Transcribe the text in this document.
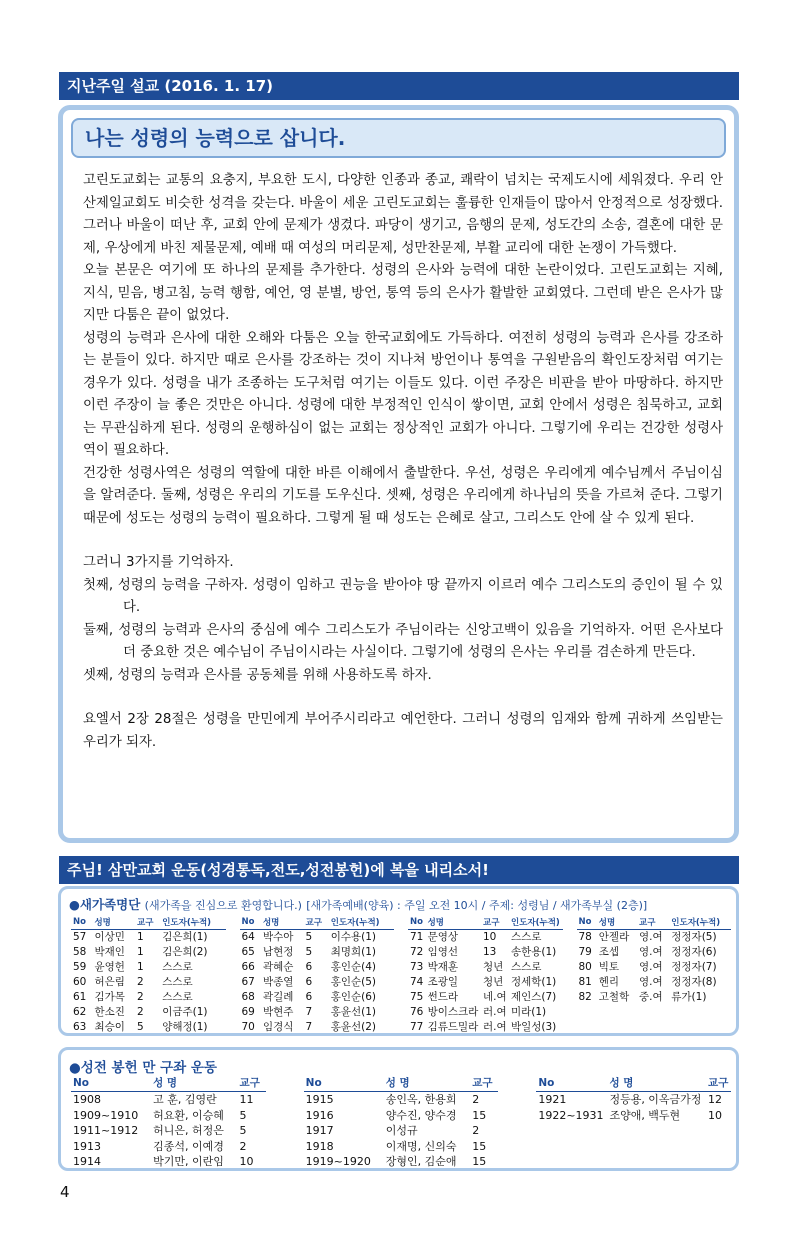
지난주일 설교 (2016. 1. 17)
나는 성령의 능력으로 삽니다.

고린도교회는 교통의 요충지, 부요한 도시, 다양한 인종과 종교, 쾌락이 넘치는 국제도시에 세워졌다. 우리 안산제일교회도 비슷한 성격을 갖는다. 바울이 세운 고린도교회는 훌륭한 인재들이 많아서 안정적으로 성장했다. 그러나 바울이 떠난 후, 교회 안에 문제가 생겼다. 파당이 생기고, 음행의 문제, 성도간의 소송, 결혼에 대한 문제, 우상에게 바친 제물문제, 예배 때 여성의 머리문제, 성만찬문제, 부활 교리에 대한 논쟁이 가득했다.

오늘 본문은 여기에 또 하나의 문제를 추가한다. 성령의 은사와 능력에 대한 논란이었다. 고린도교회는 지혜, 지식, 믿음, 병고침, 능력 행함, 예언, 영 분별, 방언, 통역 등의 은사가 활발한 교회였다. 그런데 받은 은사가 많지만 다툼은 끝이 없었다.

성령의 능력과 은사에 대한 오해와 다툼은 오늘 한국교회에도 가득하다. 여전히 성령의 능력과 은사를 강조하는 분들이 있다. 하지만 때로 은사를 강조하는 것이 지나쳐 방언이나 통역을 구원받음의 확인도장처럼 여기는 경우가 있다. 성령을 내가 조종하는 도구처럼 여기는 이들도 있다. 이런 주장은 비판을 받아 마땅하다. 하지만 이런 주장이 늘 좋은 것만은 아니다. 성령에 대한 부정적인 인식이 쌓이면, 교회 안에서 성령은 침묵하고, 교회는 무관심하게 된다. 성령의 운행하심이 없는 교회는 정상적인 교회가 아니다. 그렇기에 우리는 건강한 성령사역이 필요하다.

건강한 성령사역은 성령의 역할에 대한 바른 이해에서 출발한다. 우선, 성령은 우리에게 예수님께서 주님이심을 알려준다. 둘째, 성령은 우리의 기도를 도우신다. 셋째, 성령은 우리에게 하나님의 뜻을 가르쳐 준다. 그렇기 때문에 성도는 성령의 능력이 필요하다. 그렇게 될 때 성도는 은혜로 살고, 그리스도 안에 살 수 있게 된다.

그러니 3가지를 기억하자.

첫째, 성령의 능력을 구하자. 성령이 임하고 권능을 받아야 땅 끝까지 이르러 예수 그리스도의 증인이 될 수 있다.

둘째, 성령의 능력과 은사의 중심에 예수 그리스도가 주님이라는 신앙고백이 있음을 기억하자. 어떤 은사보다 더 중요한 것은 예수님이 주님이시라는 사실이다. 그렇기에 성령의 은사는 우리를 겸손하게 만든다.

셋째, 성령의 능력과 은사를 공동체를 위해 사용하도록 하자.

요엘서 2장 28절은 성령을 만민에게 부어주시리라고 예언한다. 그러니 성령의 임재와 함께 귀하게 쓰임받는 우리가 되자.

주님! 삼만교회 운동(성경통독,전도,성전봉헌)에 복을 내리소서!
●새가족명단 (새가족을 진심으로 환영합니다.) [새가족예배(양육) : 주일 오전 10시 / 주제: 성령님 / 새가족부실 (2층)]
No	성명	교구	인도자(누적)
57	이상민	1	김은희(1)
58	박재인	1	김은희(2)
59	윤영헌	1	스스로
60	허은림	2	스스로
61	김가목	2	스스로
62	한소진	2	이금주(1)
63	최승이	5	양해정(1)
No	성명	교구	인도자(누적)
64	박수아	5	이수용(1)
65	남현정	5	최명희(1)
66	곽혜순	6	홍인순(4)
67	박종열	6	홍인순(5)
68	곽길례	6	홍인순(6)
69	박현주	7	홍윤선(1)
70	임경식	7	홍윤선(2)
No	성명	교구	인도자(누적)
71	문영상	10	스스로
72	임영선	13	송한용(1)
73	박재훈	청년	스스로
74	조광일	청년	정세학(1)
75	썬드라	네.여	제인스(7)
76	방이스크라	러.여	미라(1)
77	김류드밀라	러.여	박일성(3)
No	성명	교구	인도자(누적)
78	안젤라	영.여	정정자(5)
79	조셉	영.여	정정자(6)
80	빅토	영.여	정정자(7)
81	헨리	영.여	정정자(8)
82	고철학	중.여	류가(1)
●성전 봉헌 만 구좌 운동
No	성 명	교구
1908	고 훈, 김영란	11
1909~1910	허요환, 이승혜	5
1911~1912	허니은, 허정은	5
1913	김종석, 이예경	2
1914	박기만, 이란임	10
No	성 명	교구
1915	송인옥, 한용희	2
1916	양수진, 양수경	15
1917	이성규	2
1918	이재명, 신의숙	15
1919~1920	장형인, 김순애	15
No	성 명	교구
1921	정등용, 이옥금가정	12
1922~1931	조양애, 백두현	10
4
